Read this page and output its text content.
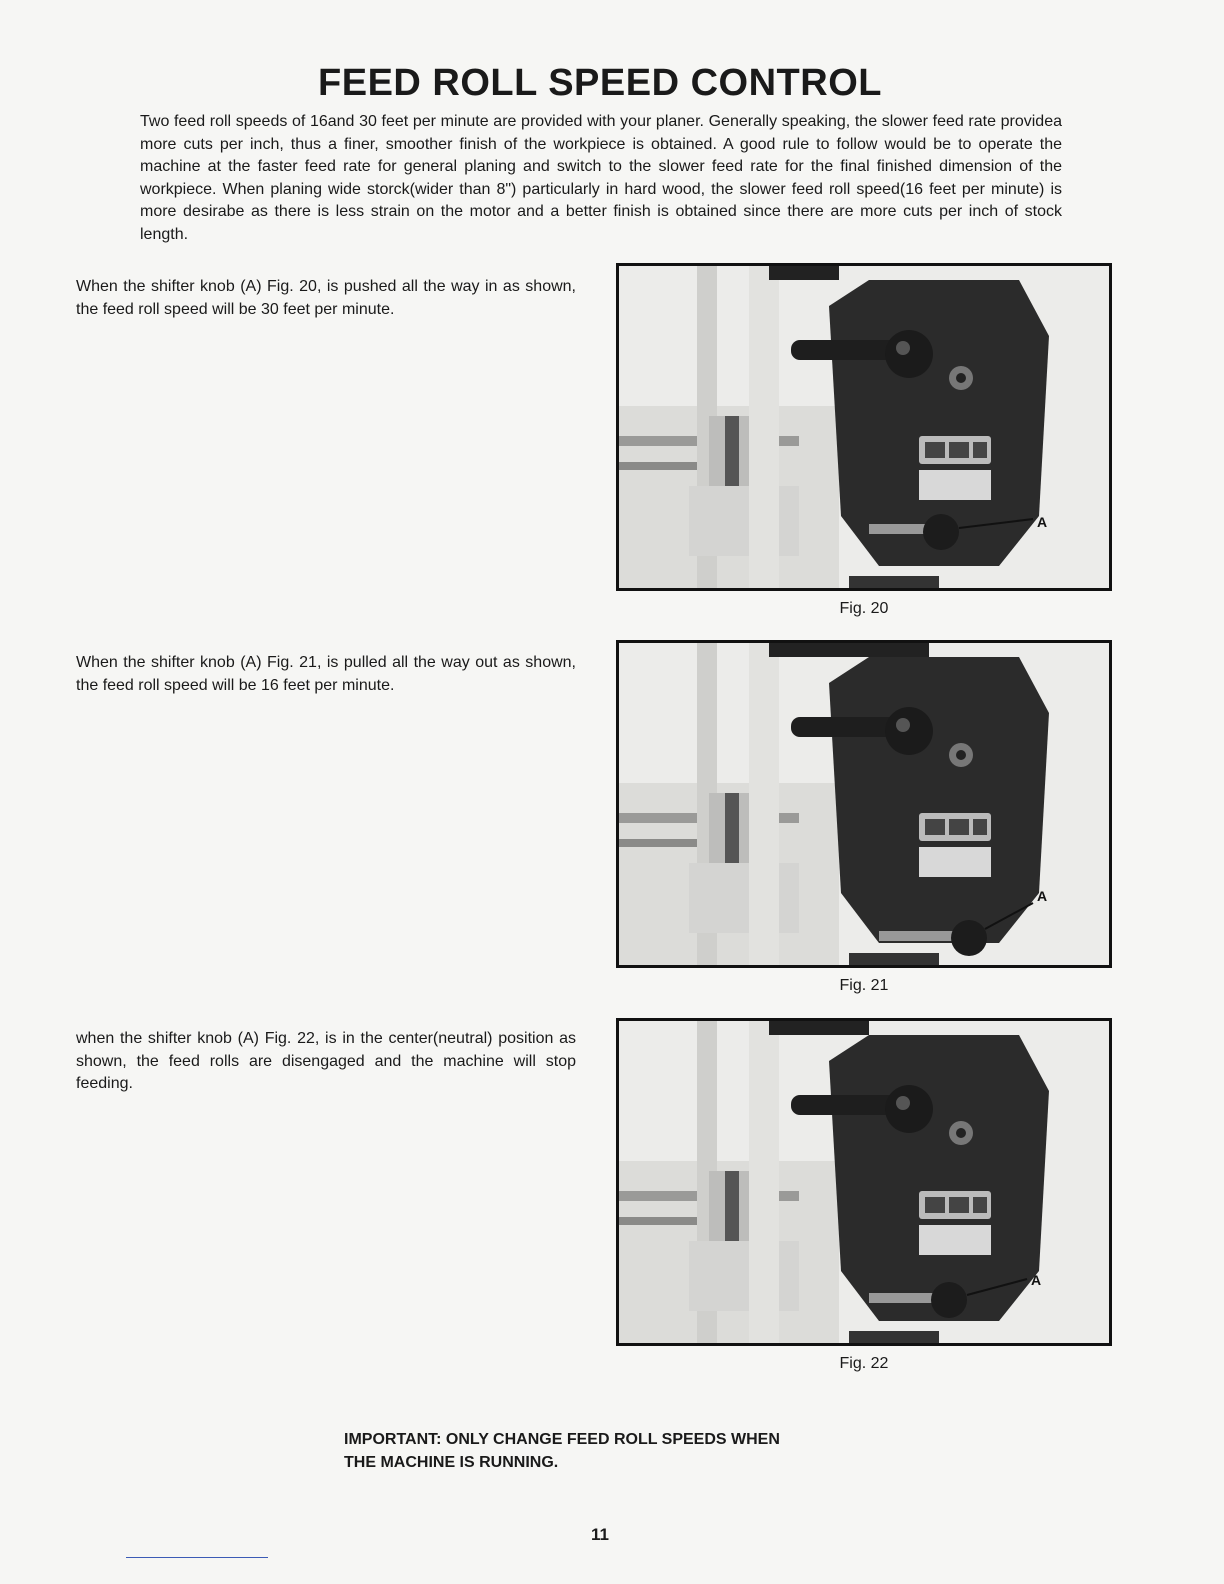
FEED ROLL SPEED CONTROL
Two feed roll speeds of 16and 30 feet per minute are provided with your planer. Generally speaking, the slower feed rate providea more cuts per inch, thus a finer, smoother finish of the workpiece is obtained. A good rule to follow would be to operate the machine at the faster feed rate for general planing and switch to the slower feed rate for the final finished dimension of the workpiece. When planing wide storck(wider than 8") particularly in hard wood, the slower feed roll speed(16 feet per minute) is more desirabe as there is less strain on the motor and a better finish is obtained since there are more cuts per inch of stock length.
When the shifter knob (A) Fig. 20, is pushed all the way in as shown, the feed roll speed will be 30 feet per minute.
A
Fig. 20
When the shifter knob (A) Fig. 21, is pulled all the way out as shown, the feed roll speed will be 16 feet per minute.
A
Fig. 21
when the shifter knob (A) Fig. 22, is in the center(neutral) position as shown, the feed rolls are disengaged and the machine will stop feeding.
A
Fig. 22
IMPORTANT: ONLY CHANGE FEED ROLL SPEEDS WHEN
THE MACHINE IS RUNNING.
11
